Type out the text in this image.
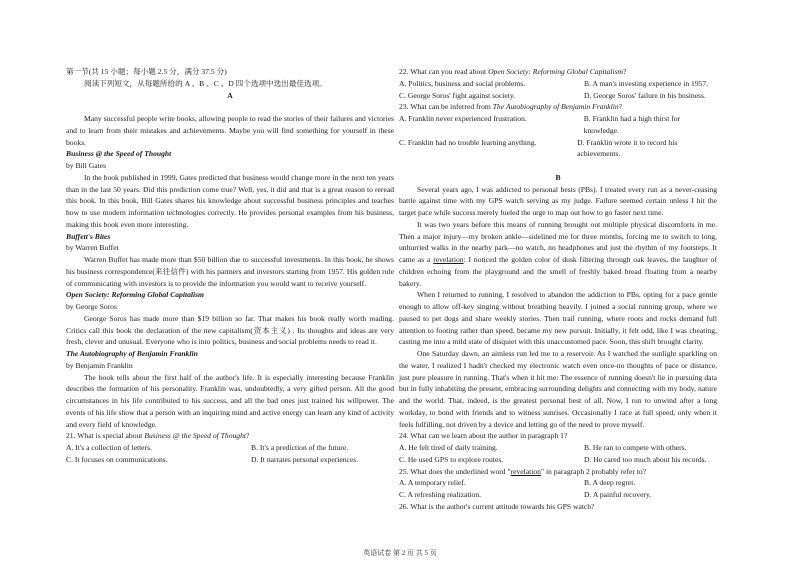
第一节(共 15 小题；每小题 2.5 分，满分 37.5 分)

阅读下列短文，从每题所给的 A 、B 、C 、D 四个选项中选出最佳选项。

A

Many successful people write books, allowing people to read the stories of their failures and victories and to learn from their mistakes and achievements. Maybe you will find something for yourself in these books.

Business @ the Speed of Thought

by Bill Gates

In the book published in 1999, Gates predicted that business would change more in the next ten years than in the last 50 years. Did this prediction come true? Well, yes, it did and that is a great reason to reread this book. In this book, Bill Gates shares his knowledge about successful business principles and teaches how to use modern information technologies correctly. He provides personal examples from his business, making this book even more interesting.

Buffett's Bites

by Warren Buffet

Warren Buffet has made more than $50 billion due to successful investments. In this book, he shows his business correspondence(来往信件) with his partners and investors starting from 1957. His golden rule of communicating with investors is to provide the information you would want to receive yourself.

Open Society: Reforming Global Capitalism

by George Soros

George Soros has made more than $19 billion so far. That makes his book really worth reading. Critics call this book the declaration of the new capitalism(资本主义) . Its thoughts and ideas are very fresh, clever and unusual. Everyone who is into politics, business and social problems needs to read it.

The Autobiography of Benjamin Franklin

by Benjamin Franklin

The book tells about the first half of the author's life. It is especially interesting because Franklin describes the formation of his personality. Franklin was, undoubtedly, a very gifted person. All the good circumstances in his life contributed to his success, and all the bad ones just trained his willpower. The events of his life show that a person with an inquiring mind and active energy can learn any kind of activity and every field of knowledge.

21. What is special about Business @ the Speed of Thought?

A. It's a collection of letters.	B. It's a prediction of the future.
C. It focuses on communications.	D. It narrates personal experiences.

22. What can you read about Open Society: Reforming Global Capitalism?

A. Politics, business and social problems.	B. A man's investing experience in 1957.
C. George Soros' fight against society.	D. George Soros' failure in his business.

23. What can be inferred from The Autobiography of Benjamin Franklin?

A. Franklin never experienced frustration.	B. Franklin had a high thirst for knowledge.
C. Franklin had no trouble learning anything.	D. Franklin wrote it to record his achievements.

B

Several years ago, I was addicted to personal bests (PBs). I treated every run as a never-ceasing battle against time with my GPS watch serving as my judge. Failure seemed certain unless I hit the target pace while success merely fueled the urge to map out how to go faster next time.

It was two years before this means of running brought out multiple physical discomforts in me. Then a major injury—my broken ankle—sidelined me for three months, forcing me to switch to long, unhurried walks in the nearby park—no watch, no headphones and just the rhythm of my footsteps. It came as a revelation: I noticed the golden color of dusk filtering through oak leaves, the laughter of children echoing from the playground and the smell of freshly baked bread floating from a nearby bakery.

When I returned to running, I resolved to abandon the addiction to PBs, opting for a pace gentle enough to allow off-key singing without breathing heavily. I joined a social running group, where we paused to pet dogs and share weekly stories. Then trail running, where roots and rocks demand full attention to footing rather than speed, became my new pursuit. Initially, it felt odd, like I was cheating, casting me into a mild state of disquiet with this unaccustomed pace. Soon, this shift brought clarity.

One Saturday dawn, an aimless run led me to a reservoir. As I watched the sunlight sparkling on the water, I realized I hadn't checked my electronic watch even once-no thoughts of pace or distance, just pure pleasure in running. That's when it hit me: The essence of running doesn't lie in pursuing data but in fully inhabiting the present, embracing surrounding delights and connecting with my body, nature and the world. That, indeed, is the greatest personal best of all. Now, I run to unwind after a long workday, to bond with friends and to witness sunrises. Occasionally I race at full speed, only when it feels fulfilling, not driven by a device and letting go of the need to prove myself.

24. What can we learn about the author in paragraph 1?

A. He felt tired of daily training.	B. He ran to compete with others.
C. He used GPS to explore routes.	D. He cared too much about his records.

25. What does the underlined word "revelation" in paragraph 2 probably refer to?

A. A temporary relief.	B. A deep regret.
C. A refreshing realization.	D. A painful recovery.

26. What is the author's current attitude towards his GPS watch?

英语试卷 第 2 页 共 5 页
